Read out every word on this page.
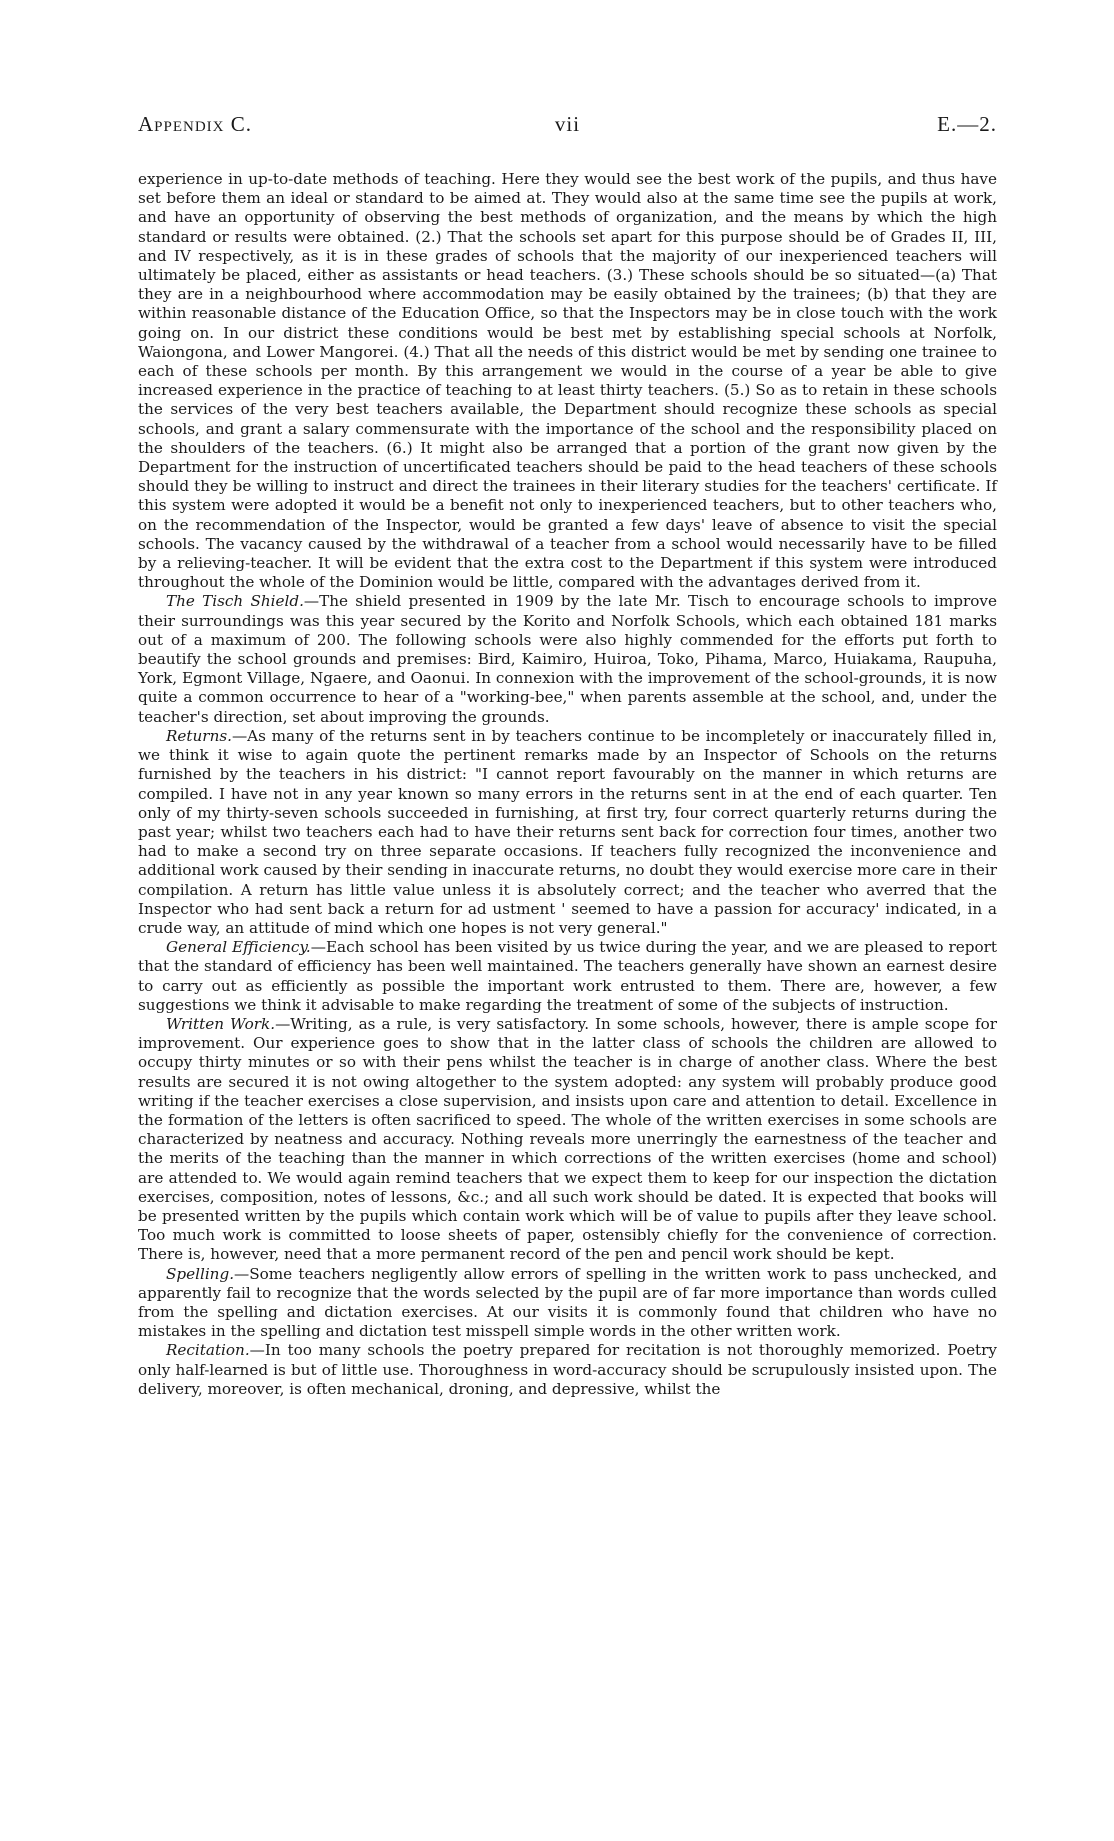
Appendix C.	vii	E.—2.

experience in up-to-date methods of teaching. Here they would see the best work of the pupils, and thus have set before them an ideal or standard to be aimed at. They would also at the same time see the pupils at work, and have an opportunity of observing the best methods of organization, and the means by which the high standard or results were obtained. (2.) That the schools set apart for this purpose should be of Grades II, III, and IV respectively, as it is in these grades of schools that the majority of our inexperienced teachers will ultimately be placed, either as assistants or head teachers. (3.) These schools should be so situated—(a) That they are in a neighbourhood where accommodation may be easily obtained by the trainees; (b) that they are within reasonable distance of the Education Office, so that the Inspectors may be in close touch with the work going on. In our district these conditions would be best met by establishing special schools at Norfolk, Waiongona, and Lower Mangorei. (4.) That all the needs of this district would be met by sending one trainee to each of these schools per month. By this arrangement we would in the course of a year be able to give increased experience in the practice of teaching to at least thirty teachers. (5.) So as to retain in these schools the services of the very best teachers available, the Department should recognize these schools as special schools, and grant a salary commensurate with the importance of the school and the responsibility placed on the shoulders of the teachers. (6.) It might also be arranged that a portion of the grant now given by the Department for the instruction of uncertificated teachers should be paid to the head teachers of these schools should they be willing to instruct and direct the trainees in their literary studies for the teachers' certificate. If this system were adopted it would be a benefit not only to inexperienced teachers, but to other teachers who, on the recommendation of the Inspector, would be granted a few days' leave of absence to visit the special schools. The vacancy caused by the withdrawal of a teacher from a school would necessarily have to be filled by a relieving-teacher. It will be evident that the extra cost to the Department if this system were introduced throughout the whole of the Dominion would be little, compared with the advantages derived from it.

The Tisch Shield.—The shield presented in 1909 by the late Mr. Tisch to encourage schools to improve their surroundings was this year secured by the Korito and Norfolk Schools, which each obtained 181 marks out of a maximum of 200. The following schools were also highly commended for the efforts put forth to beautify the school grounds and premises: Bird, Kaimiro, Huiroa, Toko, Pihama, Marco, Huiakama, Raupuha, York, Egmont Village, Ngaere, and Oaonui. In connexion with the improvement of the school-grounds, it is now quite a common occurrence to hear of a "working-bee," when parents assemble at the school, and, under the teacher's direction, set about improving the grounds.

Returns.—As many of the returns sent in by teachers continue to be incompletely or inaccurately filled in, we think it wise to again quote the pertinent remarks made by an Inspector of Schools on the returns furnished by the teachers in his district: "I cannot report favourably on the manner in which returns are compiled. I have not in any year known so many errors in the returns sent in at the end of each quarter. Ten only of my thirty-seven schools succeeded in furnishing, at first try, four correct quarterly returns during the past year; whilst two teachers each had to have their returns sent back for correction four times, another two had to make a second try on three separate occasions. If teachers fully recognized the inconvenience and additional work caused by their sending in inaccurate returns, no doubt they would exercise more care in their compilation. A return has little value unless it is absolutely correct; and the teacher who averred that the Inspector who had sent back a return for ad ustment ' seemed to have a passion for accuracy' indicated, in a crude way, an attitude of mind which one hopes is not very general."

General Efficiency.—Each school has been visited by us twice during the year, and we are pleased to report that the standard of efficiency has been well maintained. The teachers generally have shown an earnest desire to carry out as efficiently as possible the important work entrusted to them. There are, however, a few suggestions we think it advisable to make regarding the treatment of some of the subjects of instruction.

Written Work.—Writing, as a rule, is very satisfactory. In some schools, however, there is ample scope for improvement. Our experience goes to show that in the latter class of schools the children are allowed to occupy thirty minutes or so with their pens whilst the teacher is in charge of another class. Where the best results are secured it is not owing altogether to the system adopted: any system will probably produce good writing if the teacher exercises a close supervision, and insists upon care and attention to detail. Excellence in the formation of the letters is often sacrificed to speed. The whole of the written exercises in some schools are characterized by neatness and accuracy. Nothing reveals more unerringly the earnestness of the teacher and the merits of the teaching than the manner in which corrections of the written exercises (home and school) are attended to. We would again remind teachers that we expect them to keep for our inspection the dictation exercises, composition, notes of lessons, &c.; and all such work should be dated. It is expected that books will be presented written by the pupils which contain work which will be of value to pupils after they leave school. Too much work is committed to loose sheets of paper, ostensibly chiefly for the convenience of correction. There is, however, need that a more permanent record of the pen and pencil work should be kept.

Spelling.—Some teachers negligently allow errors of spelling in the written work to pass unchecked, and apparently fail to recognize that the words selected by the pupil are of far more importance than words culled from the spelling and dictation exercises. At our visits it is commonly found that children who have no mistakes in the spelling and dictation test misspell simple words in the other written work.

Recitation.—In too many schools the poetry prepared for recitation is not thoroughly memorized. Poetry only half-learned is but of little use. Thoroughness in word-accuracy should be scrupulously insisted upon. The delivery, moreover, is often mechanical, droning, and depressive, whilst the
